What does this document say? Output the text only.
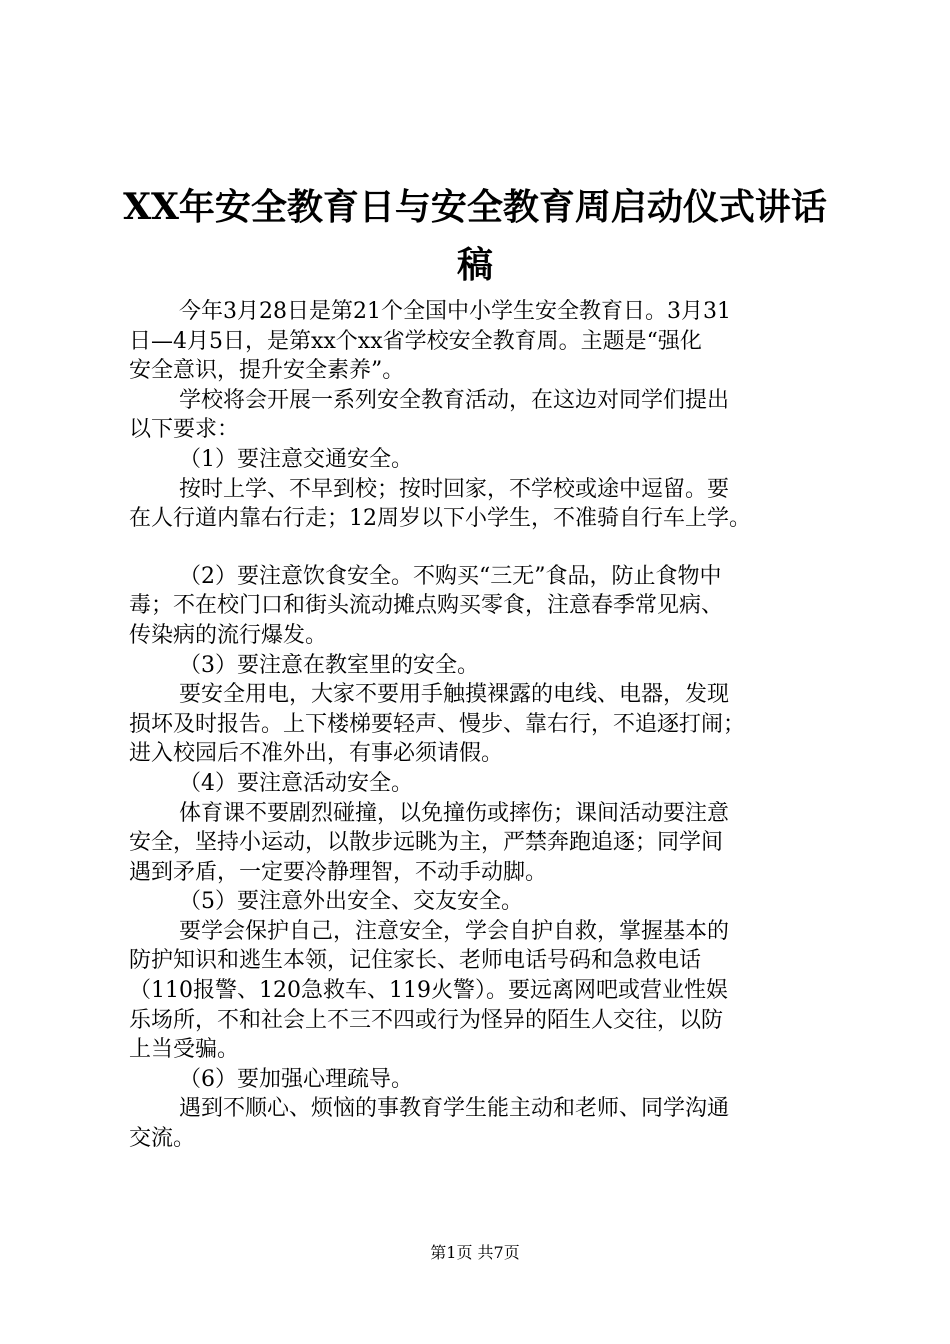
XX年安全教育日与安全教育周启动仪式讲话
稿
今年3月28日是第21个全国中小学生安全教育日。3月31
日—4月5日，是第xx个xx省学校安全教育周。主题是“强化
安全意识，提升安全素养”。
学校将会开展一系列安全教育活动，在这边对同学们提出
以下要求：
（1）要注意交通安全。
按时上学、不早到校；按时回家，不学校或途中逗留。要
在人行道内靠右行走；12周岁以下小学生，不准骑自行车上学。
（2）要注意饮食安全。不购买“三无”食品，防止食物中
毒；不在校门口和街头流动摊点购买零食，注意春季常见病、
传染病的流行爆发。
（3）要注意在教室里的安全。
要安全用电，大家不要用手触摸裸露的电线、电器，发现
损坏及时报告。上下楼梯要轻声、慢步、靠右行，不追逐打闹；
进入校园后不准外出，有事必须请假。
（4）要注意活动安全。
体育课不要剧烈碰撞，以免撞伤或摔伤；课间活动要注意
安全，坚持小运动，以散步远眺为主，严禁奔跑追逐；同学间
遇到矛盾，一定要冷静理智，不动手动脚。
（5）要注意外出安全、交友安全。
要学会保护自己，注意安全，学会自护自救，掌握基本的
防护知识和逃生本领，记住家长、老师电话号码和急救电话
（110报警、120急救车、119火警）。要远离网吧或营业性娱
乐场所，不和社会上不三不四或行为怪异的陌生人交往，以防
上当受骗。
（6）要加强心理疏导。
遇到不顺心、烦恼的事教育学生能主动和老师、同学沟通
交流。
第1页 共7页
